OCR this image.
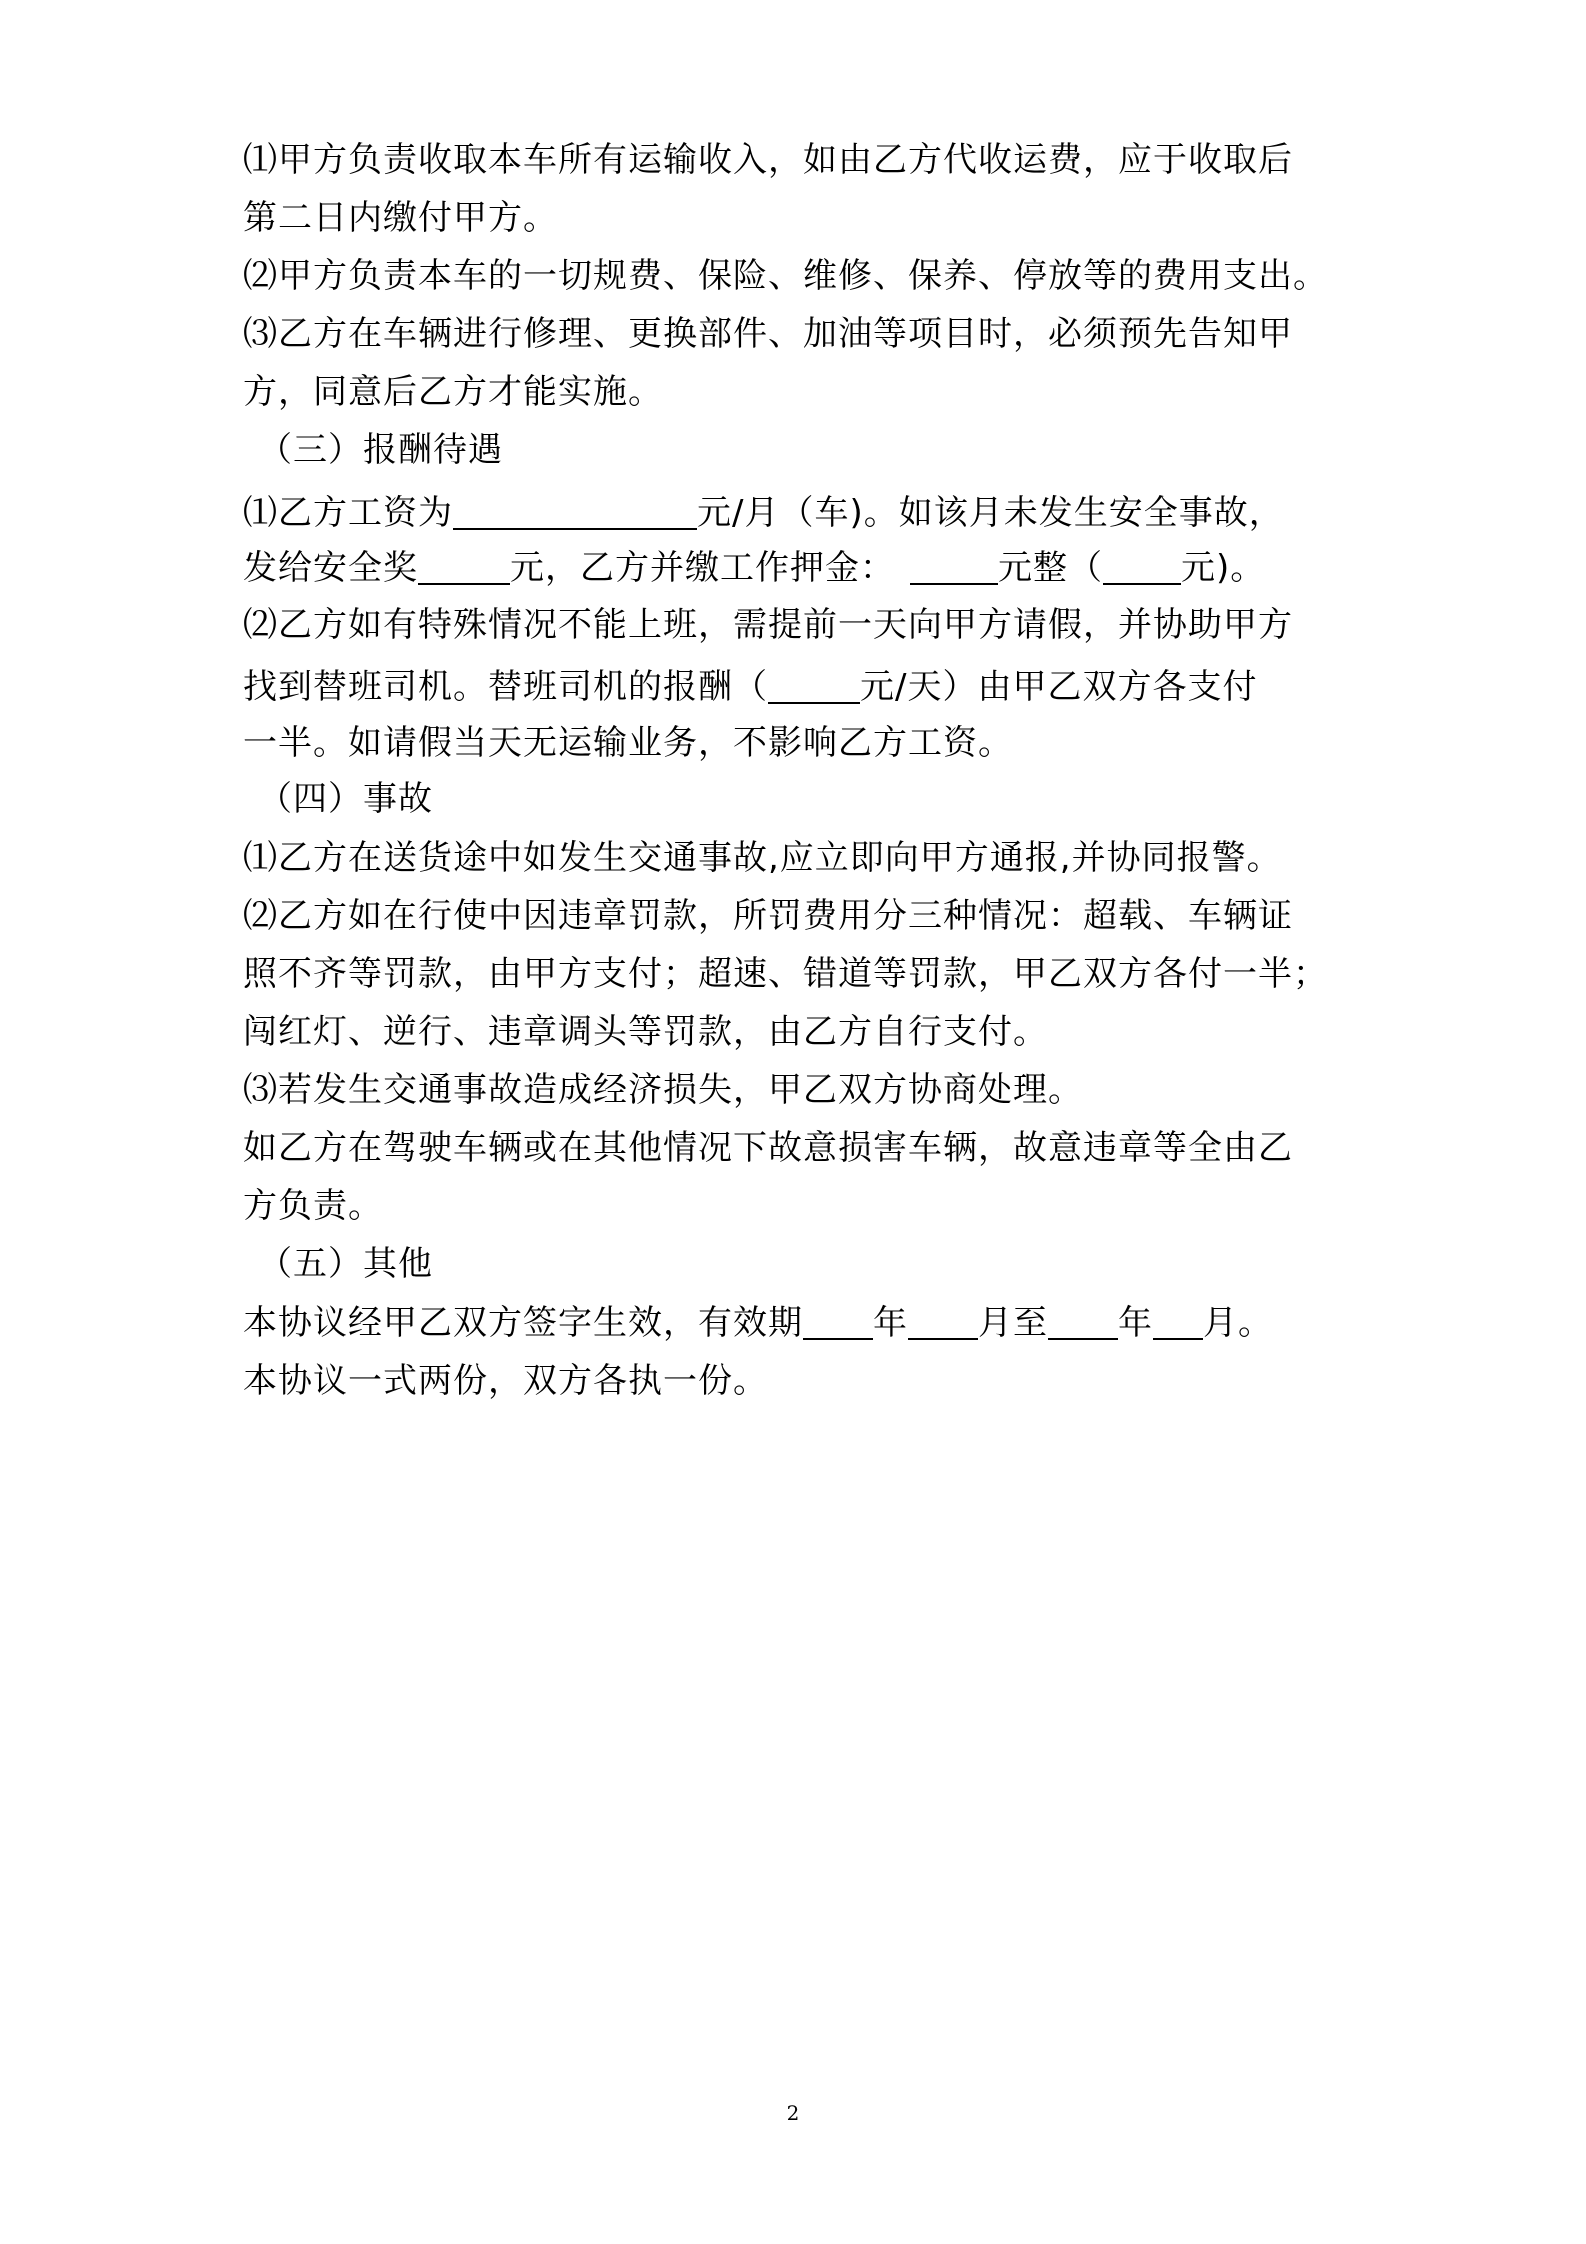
⑴甲方负责收取本车所有运输收入，如由乙方代收运费，应于收取后
第二日内缴付甲方。
⑵甲方负责本车的一切规费、保险、维修、保养、停放等的费用支出。
⑶乙方在车辆进行修理、更换部件、加油等项目时，必须预先告知甲
方，同意后乙方才能实施。
（三）报酬待遇
⑴乙方工资为	元/月（车)。如该月未发生安全事故，
发给安全奖	元，乙方并缴工作押金：	元整（ 元)。
⑵乙方如有特殊情况不能上班，需提前一天向甲方请假，并协助甲方
找到替班司机。替班司机的报酬（	元/天）由甲乙双方各支付
一半。如请假当天无运输业务，不影响乙方工资。
（四）事故
⑴乙方在送货途中如发生交通事故,应立即向甲方通报,并协同报警。
⑵乙方如在行使中因违章罚款，所罚费用分三种情况：超载、车辆证
照不齐等罚款，由甲方支付；超速、错道等罚款，甲乙双方各付一半；
闯红灯、逆行、违章调头等罚款，由乙方自行支付。
⑶若发生交通事故造成经济损失，甲乙双方协商处理。
如乙方在驾驶车辆或在其他情况下故意损害车辆，故意违章等全由乙
方负责。
（五）其他
本协议经甲乙双方签字生效，有效期 年 月至 年 月。
本协议一式两份，双方各执一份。
2
